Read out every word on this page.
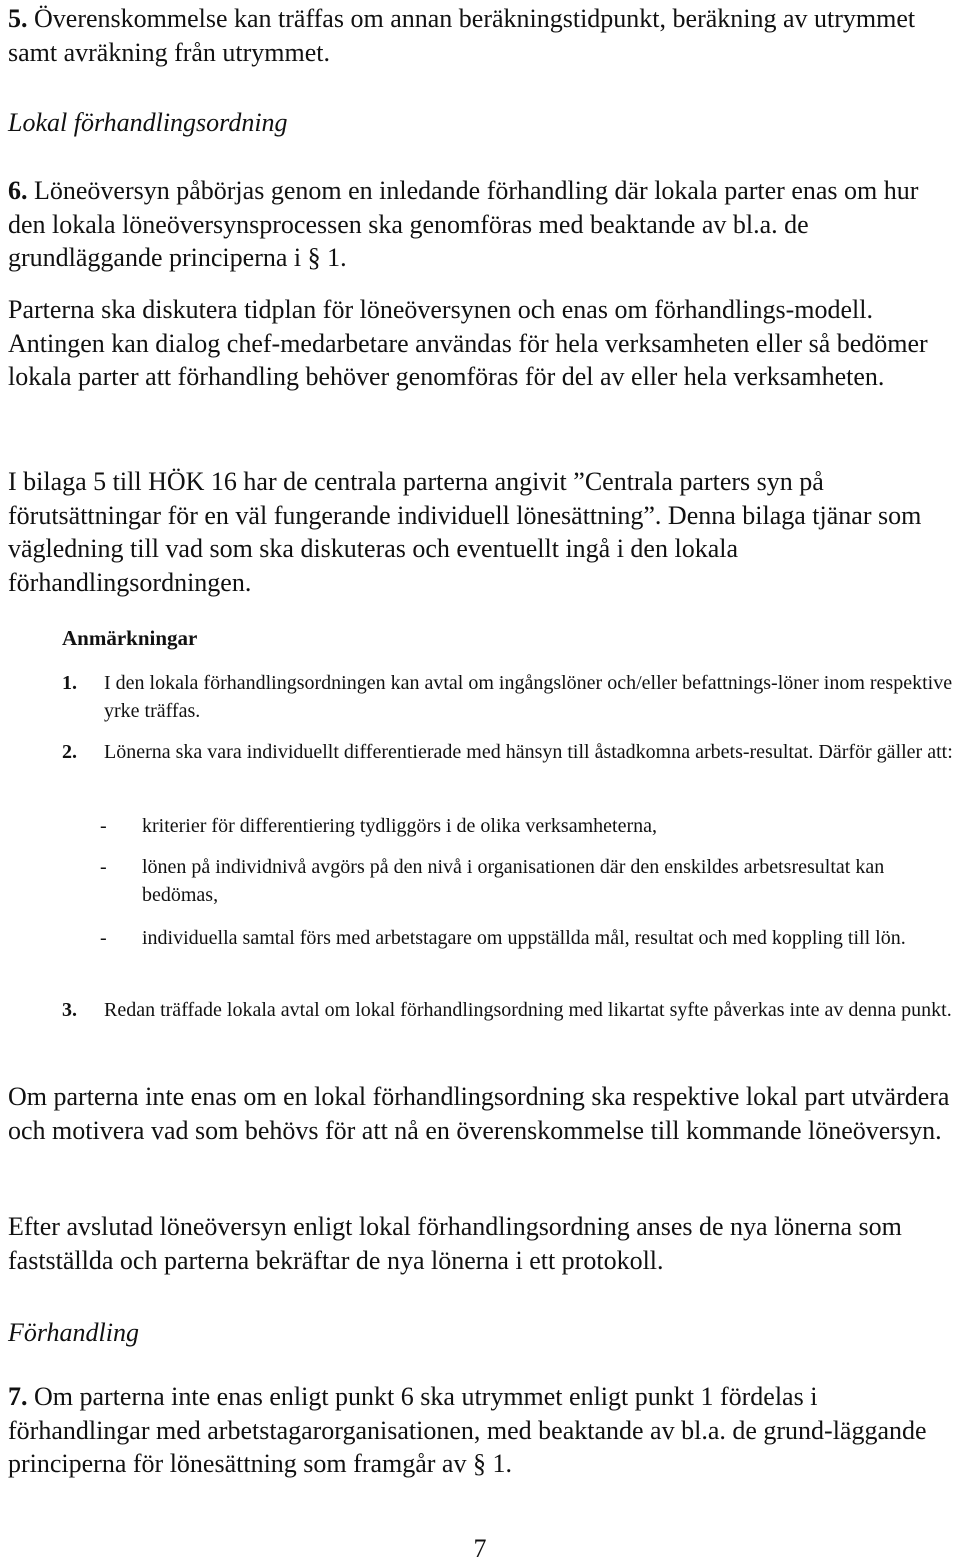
5. Överenskommelse kan träffas om annan beräkningstidpunkt, beräkning av utrymmet samt avräkning från utrymmet.

Lokal förhandlingsordning

6. Löneöversyn påbörjas genom en inledande förhandling där lokala parter enas om hur den lokala löneöversynsprocessen ska genomföras med beaktande av bl.a. de grundläggande principerna i § 1.

Parterna ska diskutera tidplan för löneöversynen och enas om förhandlings-modell. Antingen kan dialog chef-medarbetare användas för hela verksamheten eller så bedömer lokala parter att förhandling behöver genomföras för del av eller hela verksamheten.

I bilaga 5 till HÖK 16 har de centrala parterna angivit ”Centrala parters syn på förutsättningar för en väl fungerande individuell lönesättning”. Denna bilaga tjänar som vägledning till vad som ska diskuteras och eventuellt ingå i den lokala förhandlingsordningen.

Anmärkningar

1. I den lokala förhandlingsordningen kan avtal om ingångslöner och/eller befattnings-löner inom respektive yrke träffas.

2. Lönerna ska vara individuellt differentierade med hänsyn till åstadkomna arbets-resultat. Därför gäller att:

- kriterier för differentiering tydliggörs i de olika verksamheterna,

- lönen på individnivå avgörs på den nivå i organisationen där den enskildes arbetsresultat kan bedömas,

- individuella samtal förs med arbetstagare om uppställda mål, resultat och med koppling till lön.

3. Redan träffade lokala avtal om lokal förhandlingsordning med likartat syfte påverkas inte av denna punkt.

Om parterna inte enas om en lokal förhandlingsordning ska respektive lokal part utvärdera och motivera vad som behövs för att nå en överenskommelse till kommande löneöversyn.

Efter avslutad löneöversyn enligt lokal förhandlingsordning anses de nya lönerna som fastställda och parterna bekräftar de nya lönerna i ett protokoll.

Förhandling

7. Om parterna inte enas enligt punkt 6 ska utrymmet enligt punkt 1 fördelas i förhandlingar med arbetstagarorganisationen, med beaktande av bl.a. de grund-läggande principerna för lönesättning som framgår av § 1.

7
